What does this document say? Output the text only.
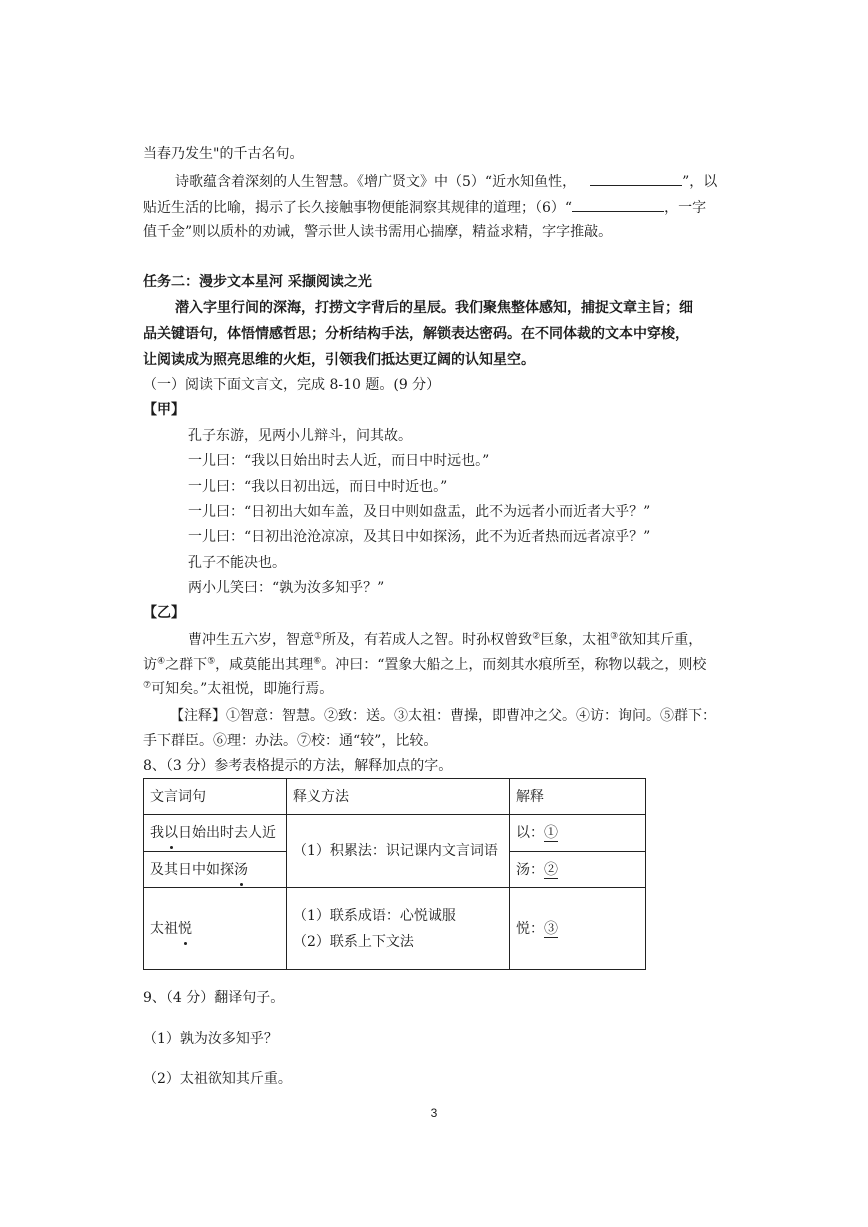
当春乃发生"的千古名句。
诗歌蕴含着深刻的人生智慧。《增广贤文》中（5）“近水知鱼性，	”，以
贴近生活的比喻，揭示了长久接触事物便能洞察其规律的道理；（6）“	，一字
值千金”则以质朴的劝诫，警示世人读书需用心揣摩，精益求精，字字推敲。
任务二：漫步文本星河 采撷阅读之光
潜入字里行间的深海，打捞文字背后的星辰。我们聚焦整体感知，捕捉文章主旨；细
品关键语句，体悟情感哲思；分析结构手法，解锁表达密码。在不同体裁的文本中穿梭，
让阅读成为照亮思维的火炬，引领我们抵达更辽阔的认知星空。
（一）阅读下面文言文，完成 8-10 题。(9 分）
【甲】
孔子东游，见两小儿辩斗，问其故。
一儿曰：“我以日始出时去人近，而日中时远也。”
一儿曰：“我以日初出远，而日中时近也。”
一儿曰：“日初出大如车盖，及日中则如盘盂，此不为远者小而近者大乎？”
一儿曰：“日初出沧沧凉凉，及其日中如探汤，此不为近者热而远者凉乎？”
孔子不能决也。
两小儿笑曰：“孰为汝多知乎？”
【乙】
曹冲生五六岁，智意①所及，有若成人之智。时孙权曾致②巨象，太祖③欲知其斤重，
访④之群下⑤，咸莫能出其理⑥。冲曰：“置象大船之上，而刻其水痕所至，称物以载之，则校
⑦可知矣。”太祖悦，即施行焉。
【注释】①智意：智慧。②致：送。③太祖：曹操，即曹冲之父。④访：询问。⑤群下：
手下群臣。⑥理：办法。⑦校：通“较”，比较。
8、（3 分）参考表格提示的方法，解释加点的字。
文言词句	释义方法	解释
我以日始出时去人近	（1）积累法：识记课内文言词语	以：①
及其日中如探汤		汤：②
太祖悦	（1）联系成语：心悦诚服
（2）联系上下文法	悦：③
9、（4 分）翻译句子。
（1）孰为汝多知乎？
（2）太祖欲知其斤重。
3
